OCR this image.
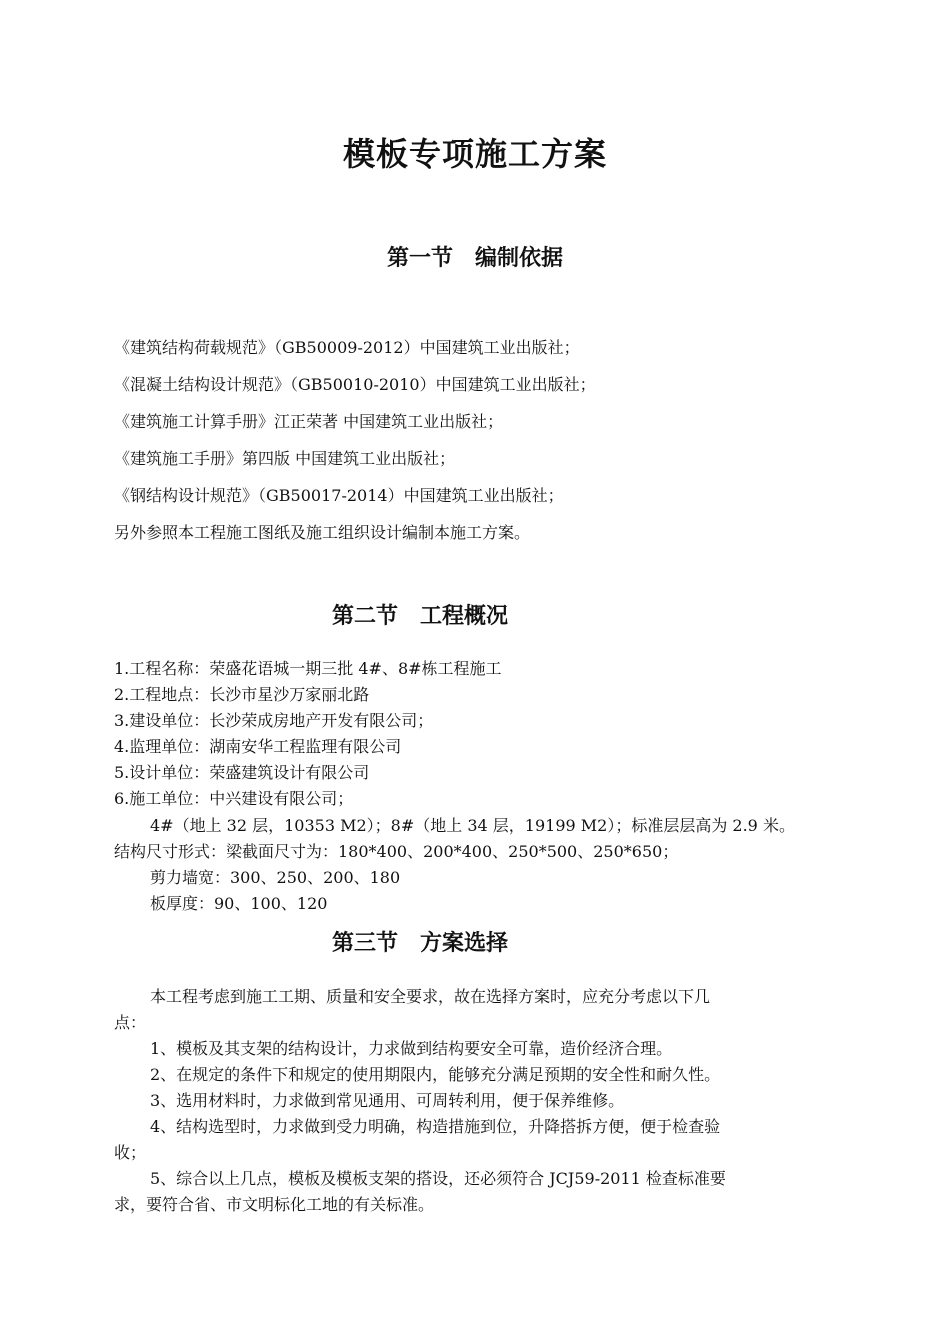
模板专项施工方案
第一节　编制依据
《建筑结构荷载规范》（GB50009-2012）中国建筑工业出版社；
《混凝土结构设计规范》（GB50010-2010）中国建筑工业出版社；
《建筑施工计算手册》江正荣著 中国建筑工业出版社；
《建筑施工手册》第四版 中国建筑工业出版社；
《钢结构设计规范》（GB50017-2014）中国建筑工业出版社；
另外参照本工程施工图纸及施工组织设计编制本施工方案。
第二节　工程概况
1.工程名称：荣盛花语城一期三批 4#、8#栋工程施工
2.工程地点：长沙市星沙万家丽北路
3.建设单位：长沙荣成房地产开发有限公司；
4.监理单位：湖南安华工程监理有限公司
5.设计单位：荣盛建筑设计有限公司
6.施工单位：中兴建设有限公司；
4#（地上 32 层，10353 M2）；8#（地上 34 层，19199 M2）；标准层层高为 2.9 米。
结构尺寸形式：梁截面尺寸为：180*400、200*400、250*500、250*650；
剪力墙宽：300、250、200、180
板厚度：90、100、120
第三节　方案选择
本工程考虑到施工工期、质量和安全要求，故在选择方案时，应充分考虑以下几
点：
1、模板及其支架的结构设计，力求做到结构要安全可靠，造价经济合理。
2、在规定的条件下和规定的使用期限内，能够充分满足预期的安全性和耐久性。
3、选用材料时，力求做到常见通用、可周转利用，便于保养维修。
4、结构选型时，力求做到受力明确，构造措施到位，升降搭拆方便，便于检查验
收；
5、综合以上几点，模板及模板支架的搭设，还必须符合 JCJ59-2011 检查标准要
求，要符合省、市文明标化工地的有关标准。
